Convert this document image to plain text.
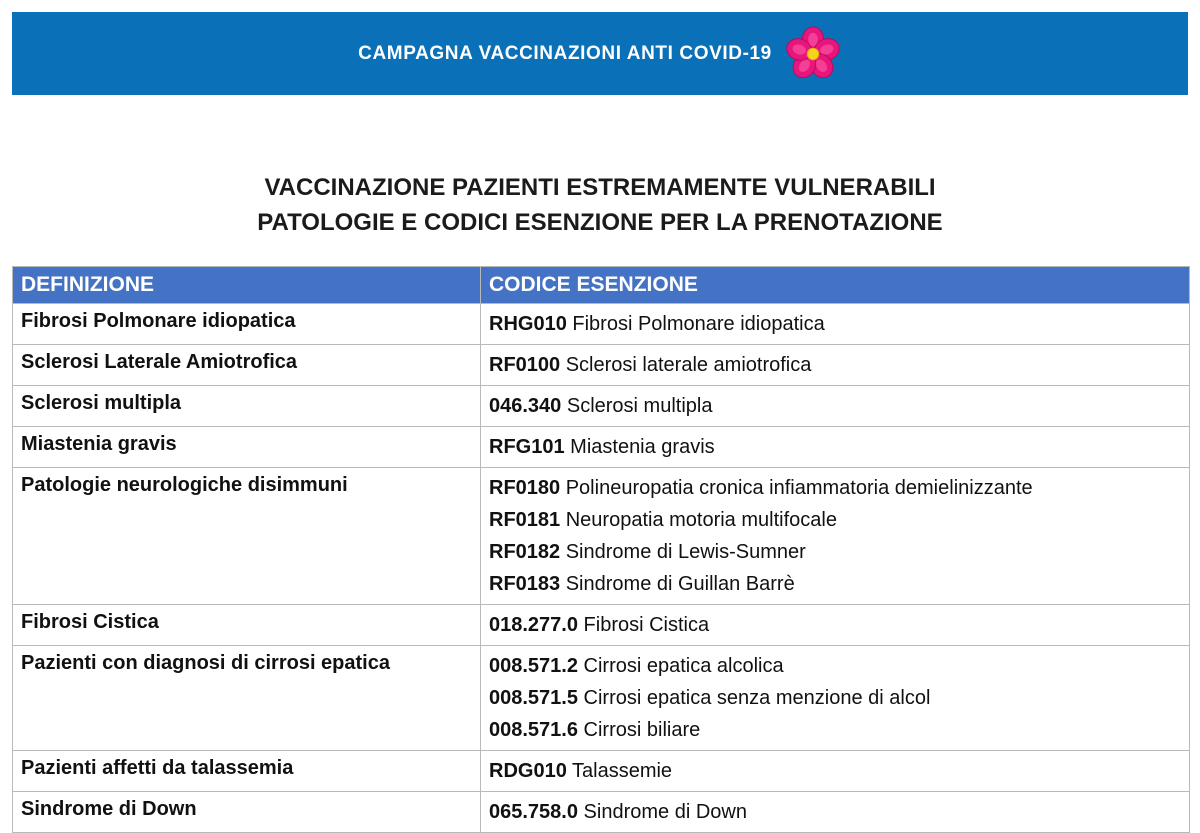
CAMPAGNA VACCINAZIONI ANTI COVID-19
VACCINAZIONE PAZIENTI ESTREMAMENTE VULNERABILI
PATOLOGIE E CODICI ESENZIONE PER LA PRENOTAZIONE
DEFINIZIONE	CODICE ESENZIONE
Fibrosi Polmonare idiopatica	RHG010 Fibrosi Polmonare idiopatica

Sclerosi Laterale Amiotrofica	RF0100 Sclerosi laterale amiotrofica

Sclerosi multipla	046.340 Sclerosi multipla

Miastenia gravis	RFG101 Miastenia gravis

Patologie neurologiche disimmuni	RF0180 Polineuropatia cronica infiammatoria demielinizzante
RF0181 Neuropatia motoria multifocale
RF0182 Sindrome di Lewis-Sumner
RF0183 Sindrome di Guillan Barrè

Fibrosi Cistica	018.277.0 Fibrosi Cistica

Pazienti con diagnosi di cirrosi epatica	008.571.2 Cirrosi epatica alcolica
008.571.5 Cirrosi epatica senza menzione di alcol
008.571.6 Cirrosi biliare

Pazienti affetti da talassemia	RDG010 Talassemie

Sindrome di Down	065.758.0 Sindrome di Down
